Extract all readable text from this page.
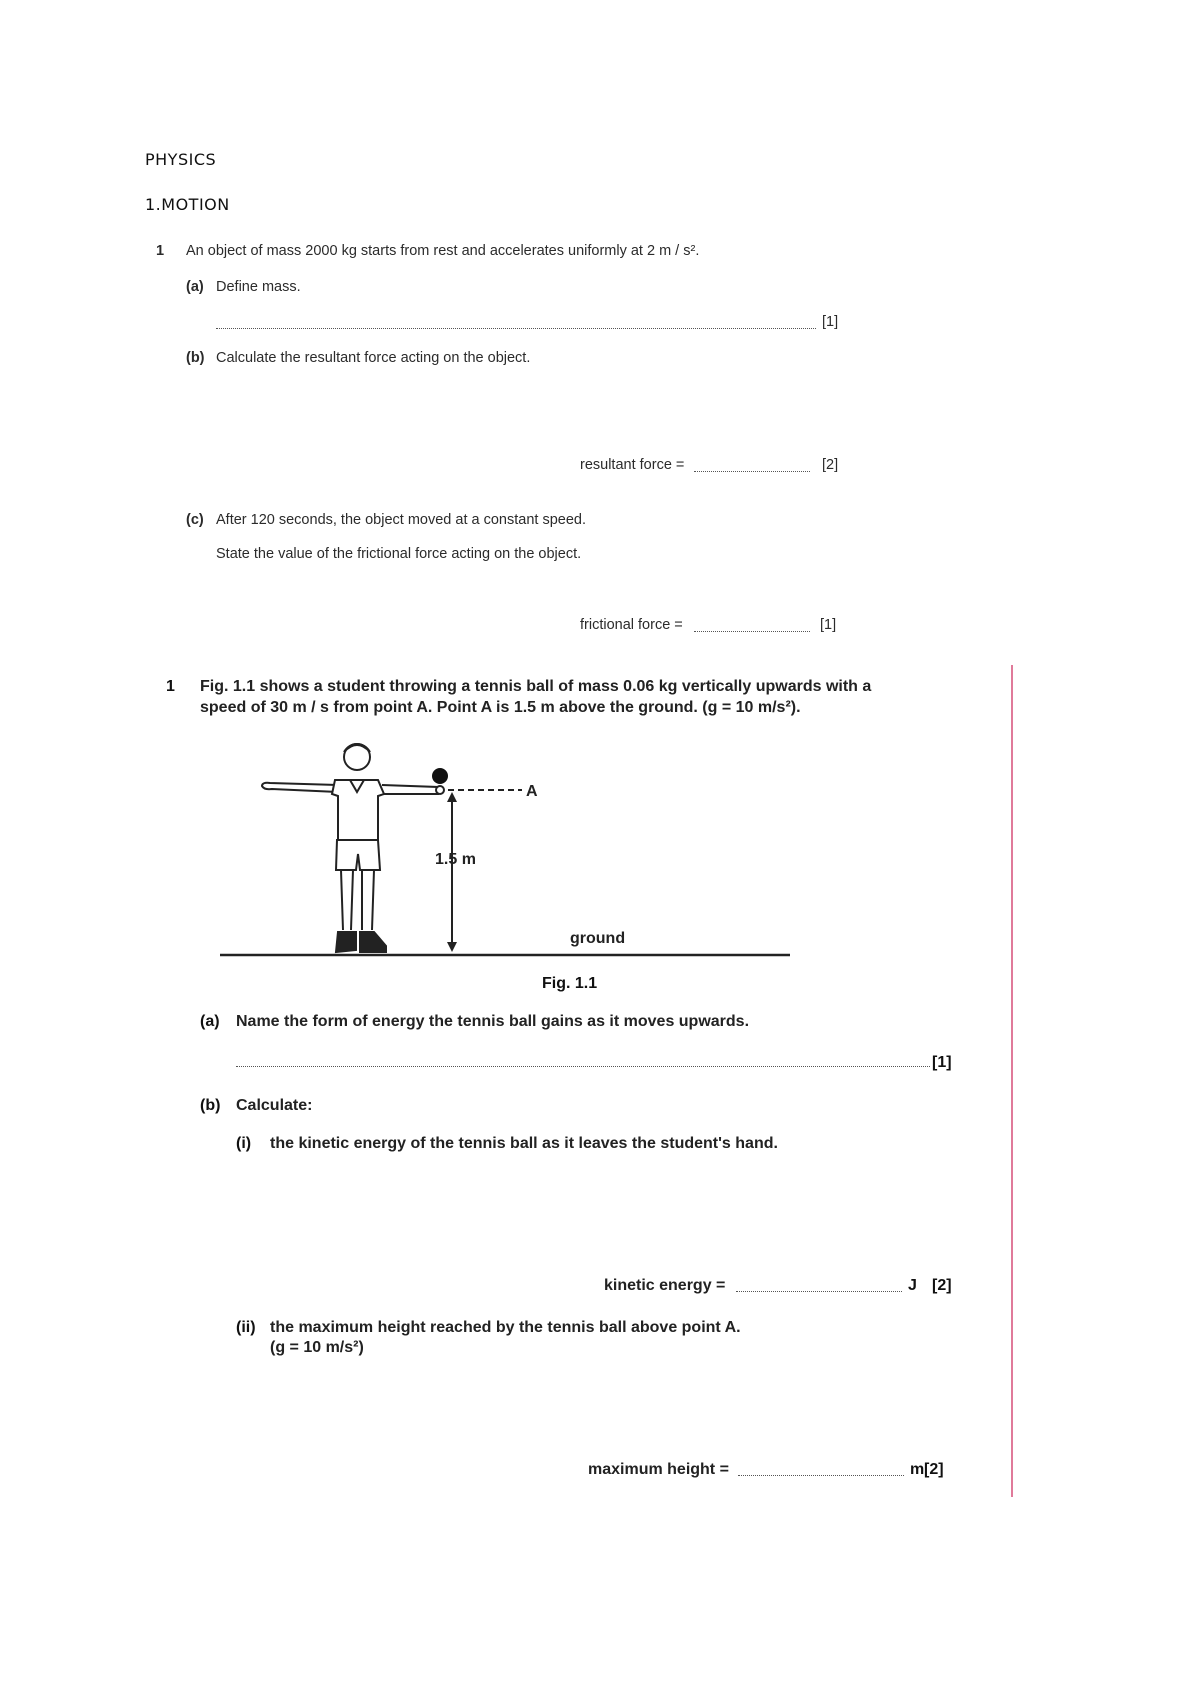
PHYSICS
1.MOTION
1 An object of mass 2000 kg starts from rest and accelerates uniformly at 2 m / s².
(a) Define mass.
[1]
(b) Calculate the resultant force acting on the object.
resultant force =	[2]
(c) After 120 seconds, the object moved at a constant speed.
State the value of the frictional force acting on the object.
frictional force =	[1]
1 Fig. 1.1 shows a student throwing a tennis ball of mass 0.06 kg vertically upwards with a
speed of 30 m / s from point A. Point A is 1.5 m above the ground. (g = 10 m/s²).
A
1.5 m
ground
Fig. 1.1
(a) Name the form of energy the tennis ball gains as it moves upwards.
[1]
(b) Calculate:
(i) the kinetic energy of the tennis ball as it leaves the student's hand.
kinetic energy =	J [2]
(ii) the maximum height reached by the tennis ball above point A.
(g = 10 m/s²)
maximum height =	m [2]
